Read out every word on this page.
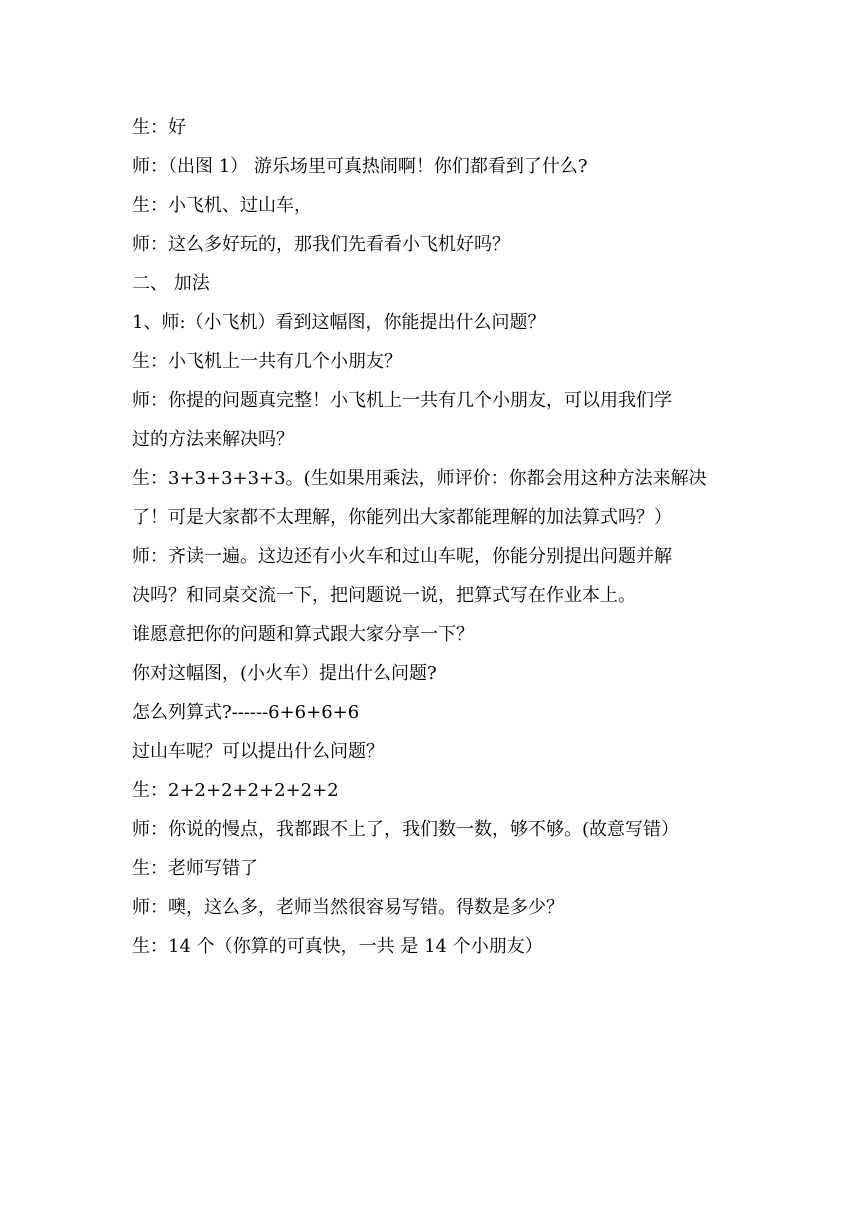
生：好
师：（出图 1） 游乐场里可真热闹啊！你们都看到了什么?
生：小飞机、过山车，
师：这么多好玩的，那我们先看看小飞机好吗？
二、 加法
1、师:（小飞机）看到这幅图，你能提出什么问题？
生：小飞机上一共有几个小朋友？
师：你提的问题真完整！小飞机上一共有几个小朋友，可以用我们学
过的方法来解决吗？
生：3+3+3+3+3。(生如果用乘法，师评价：你都会用这种方法来解决
了！可是大家都不太理解，你能列出大家都能理解的加法算式吗？）
师：齐读一遍。这边还有小火车和过山车呢，你能分别提出问题并解
决吗？和同桌交流一下，把问题说一说，把算式写在作业本上。
谁愿意把你的问题和算式跟大家分享一下？
你对这幅图，(小火车）提出什么问题?
怎么列算式?------6+6+6+6
过山车呢？可以提出什么问题？
生：2+2+2+2+2+2+2
师：你说的慢点，我都跟不上了，我们数一数，够不够。(故意写错）
生：老师写错了
师：噢，这么多，老师当然很容易写错。得数是多少？
生：14 个（你算的可真快，一共 是 14 个小朋友）
